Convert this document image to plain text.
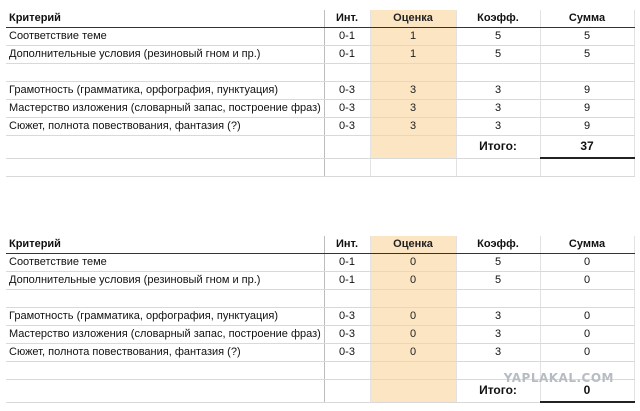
Критерий	Инт.	Оценка	Коэфф.	Сумма
Соответствие теме	0-1	1	5	5
Дополнительные условия (резиновый гном и пр.)	0-1	1	5	5

Грамотность (грамматика, орфография, пунктуация)	0-3	3	3	9
Мастерство изложения (словарный запас, построение фраз)	0-3	3	3	9
Сюжет, полнота повествования, фантазия (?)	0-3	3	3	9
			Итого:	37

Критерий	Инт.	Оценка	Коэфф.	Сумма
Соответствие теме	0-1	0	5	0
Дополнительные условия (резиновый гном и пр.)	0-1	0	5	0

Грамотность (грамматика, орфография, пунктуация)	0-3	0	3	0
Мастерство изложения (словарный запас, построение фраз)	0-3	0	3	0
Сюжет, полнота повествования, фантазия (?)	0-3	0	3	0

			Итого:	0
YAPLAKAL.COM
